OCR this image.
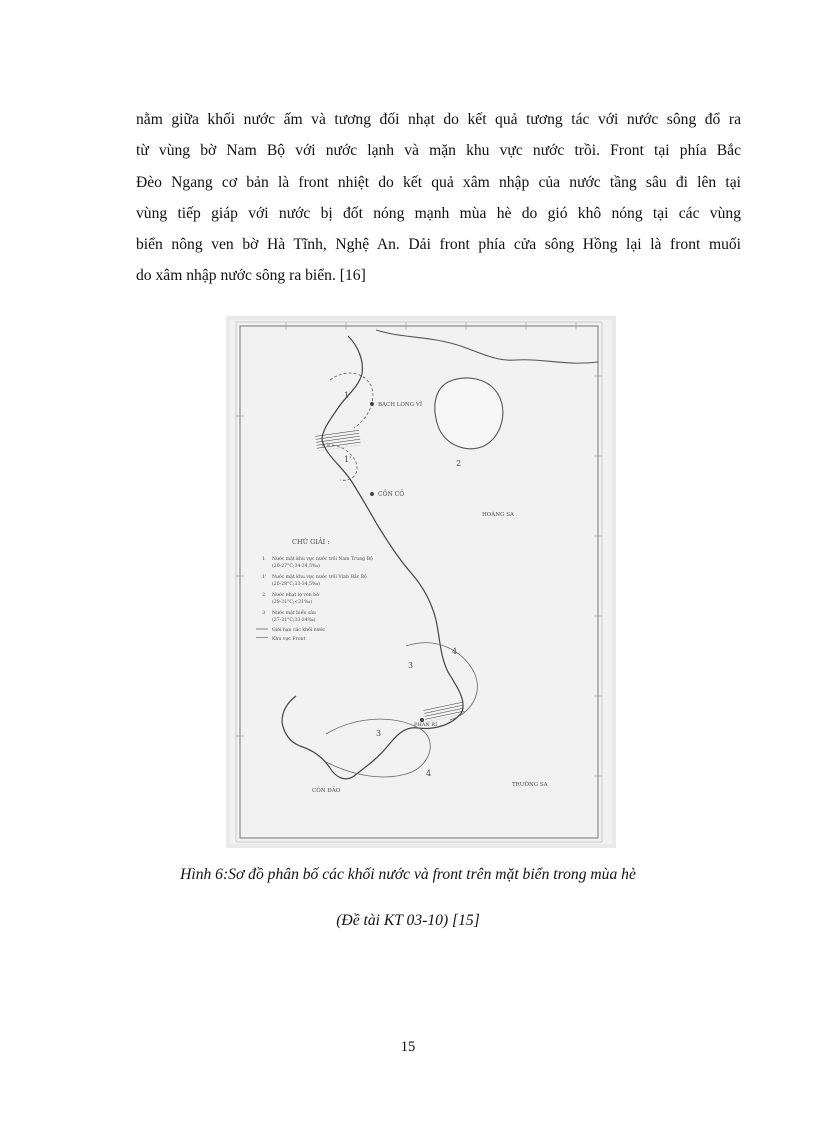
nằm giữa khối nước ấm và tương đối nhạt do kết quả tương tác với nước sông đổ ra
từ vùng bờ Nam Bộ với nước lạnh và mặn khu vực nước trồi. Front tại phía Bắc
Đèo Ngang cơ bản là front nhiệt do kết quả xâm nhập của nước tầng sâu đi lên tại
vùng tiếp giáp với nước bị đốt nóng mạnh mùa hè do gió khô nóng tại các vùng
biển nông ven bờ Hà Tĩnh, Nghệ An. Dải front phía cửa sông Hồng lại là front muối
do xâm nhập nước sông ra biển. [16]
BẠCH LONG VĨ
CỒN CỎ
HOÀNG SA
PHAN RÍ
CÔN ĐẢO
TRƯỜNG SA
1
1'	2
3
3
4
4
CHÚ GIẢI :
1 Nước mặt khu vực nước trồi Nam Trung Bộ
(20-27°C;34-34,5‰)
1' Nước mặt khu vực nước trồi Vịnh Bắc Bộ
(20-28°C;33-34,5‰)
2 Nước nhạt lợ ven bờ
(28-31°C;<31‰)
3 Nước mặt biển sâu
(27-31°C;33-34‰)
Giới hạn các khối nước
Khu vực Front

Hình 6:Sơ đồ phân bố các khối nước và front trên mặt biển trong mùa hè

(Đề tài KT 03-10) [15]

15
